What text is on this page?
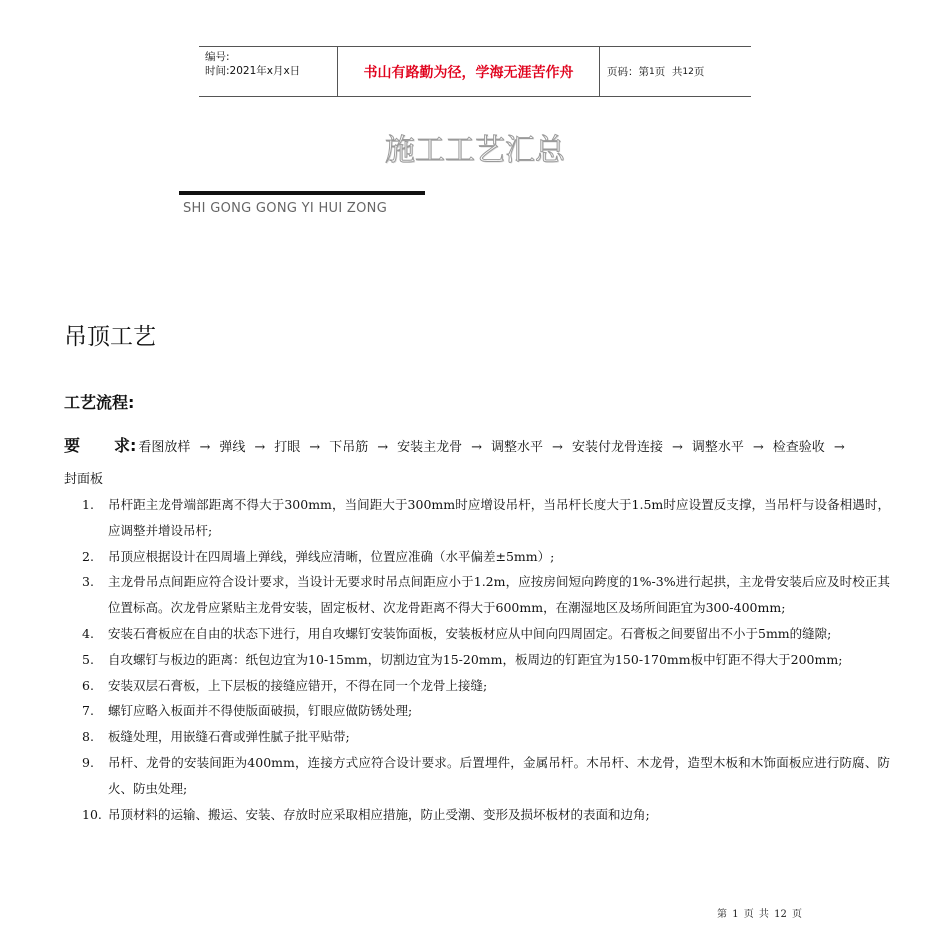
编号:
时间:2021年x月x日	书山有路勤为径，学海无涯苦作舟	页码：第 1 页  共 12 页
施工工艺汇总
SHI GONG GONG YI HUI ZONG
吊顶工艺
工艺流程:
要 求: 看图放样 → 弹线 → 打眼 → 下吊筋 → 安装主龙骨 → 调整水平 → 安装付龙骨连接 → 调整水平 → 检查验收 →
封面板
1.	吊杆距主龙骨端部距离不得大于300mm，当间距大于300mm时应增设吊杆，当吊杆长度大于1.5m时应设置反支撑，当吊杆与设备相遇时，应调整并增设吊杆;
2.	吊顶应根据设计在四周墙上弹线，弹线应清晰，位置应准确（水平偏差±5mm）;
3.	主龙骨吊点间距应符合设计要求，当设计无要求时吊点间距应小于1.2m，应按房间短向跨度的1%-3%进行起拱，主龙骨安装后应及时校正其位置标高。次龙骨应紧贴主龙骨安装，固定板材、次龙骨距离不得大于600mm，在潮湿地区及场所间距宜为300-400mm;
4.	安装石膏板应在自由的状态下进行，用自攻螺钉安装饰面板，安装板材应从中间向四周固定。石膏板之间要留出不小于5mm的缝隙;
5.	自攻螺钉与板边的距离：纸包边宜为10-15mm，切割边宜为15-20mm，板周边的钉距宜为150-170mm板中钉距不得大于200mm;
6.	安装双层石膏板，上下层板的接缝应错开，不得在同一个龙骨上接缝;
7.	螺钉应略入板面并不得使版面破损，钉眼应做防锈处理;
8.	板缝处理，用嵌缝石膏或弹性腻子批平贴带;
9.	吊杆、龙骨的安装间距为400mm，连接方式应符合设计要求。后置埋件，金属吊杆。木吊杆、木龙骨，造型木板和木饰面板应进行防腐、防火、防虫处理;
10. 吊顶材料的运输、搬运、安装、存放时应采取相应措施，防止受潮、变形及损坏板材的表面和边角;
第 1 页 共 12 页
